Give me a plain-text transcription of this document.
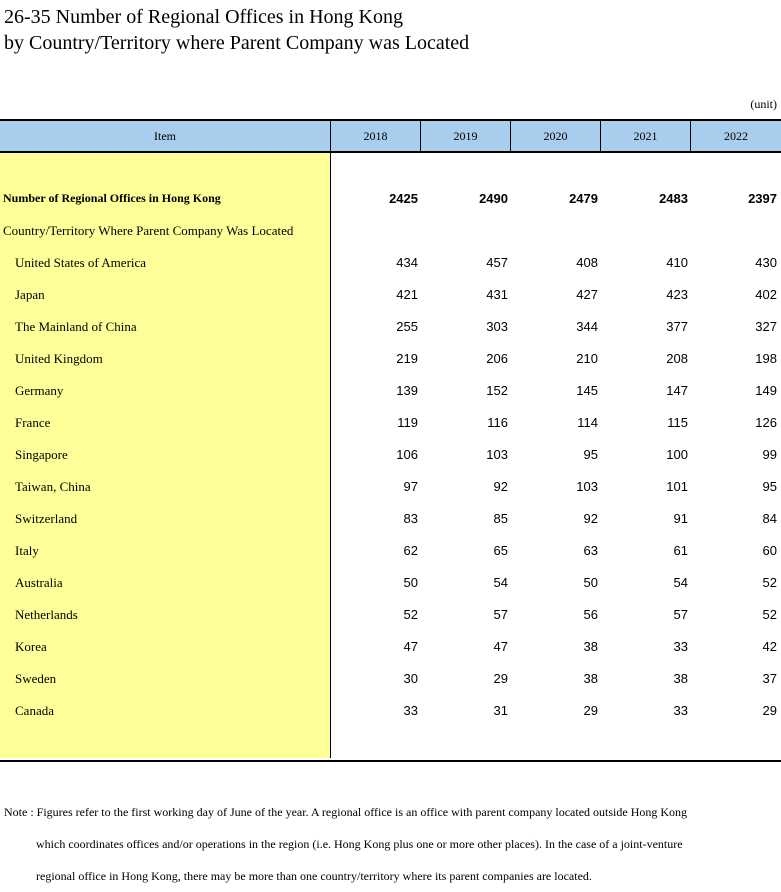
26-35 Number of Regional Offices in Hong Kong
by Country/Territory where Parent Company was Located
(unit)
Item	2018	2019	2020	2021	2022
Number of Regional Offices in Hong Kong	2425	2490	2479	2483	2397
Country/Territory Where Parent Company Was Located
United States of America	434	457	408	410	430
Japan	421	431	427	423	402
The Mainland of China	255	303	344	377	327
United Kingdom	219	206	210	208	198
Germany	139	152	145	147	149
France	119	116	114	115	126
Singapore	106	103	95	100	99
Taiwan, China	97	92	103	101	95
Switzerland	83	85	92	91	84
Italy	62	65	63	61	60
Australia	50	54	50	54	52
Netherlands	52	57	56	57	52
Korea	47	47	38	33	42
Sweden	30	29	38	38	37
Canada	33	31	29	33	29
Note : Figures refer to the first working day of June of the year. A regional office is an office with parent company located outside Hong Kong
which coordinates offices and/or operations in the region (i.e. Hong Kong plus one or more other places). In the case of a joint-venture
regional office in Hong Kong, there may be more than one country/territory where its parent companies are located.
